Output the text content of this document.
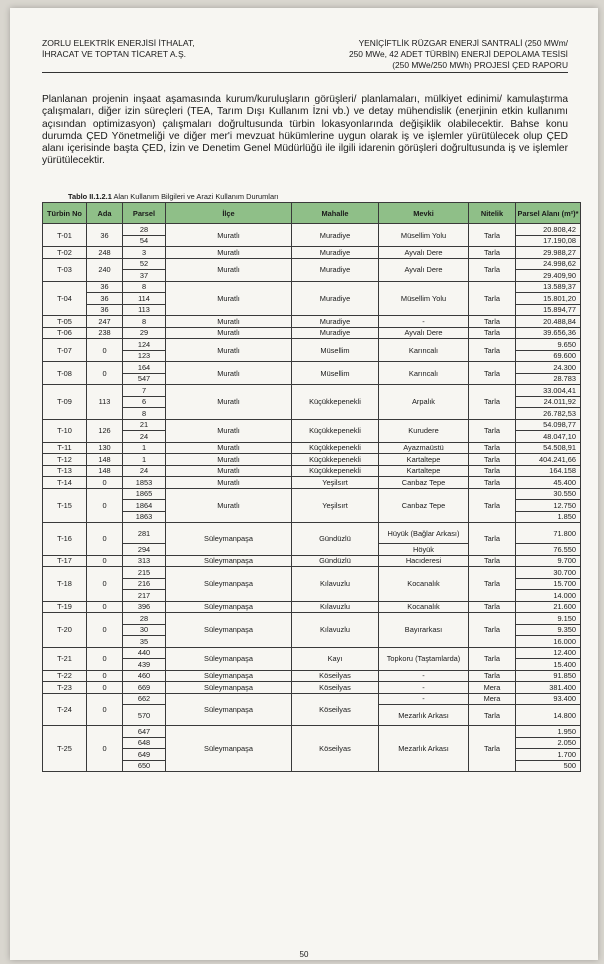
ZORLU ELEKTRİK ENERJİSİ İTHALAT,
İHRACAT VE TOPTAN TİCARET A.Ş.
YENİÇİFTLİK RÜZGAR ENERJİ SANTRALİ (250 MWm/
250 MWe, 42 ADET TÜRBİN) ENERJİ DEPOLAMA TESİSİ
(250 MWe/250 MWh) PROJESİ ÇED RAPORU

Planlanan projenin inşaat aşamasında kurum/kuruluşların görüşleri/ planlamaları, mülkiyet edinimi/ kamulaştırma çalışmaları, diğer izin süreçleri (TEA, Tarım Dışı Kullanım İzni vb.) ve detay mühendislik (enerjinin etkin kullanımı açısından optimizasyon) çalışmaları doğrultusunda türbin lokasyonlarında değişiklik olabilecektir. Bahse konu durumda ÇED Yönetmeliği ve diğer mer'i mevzuat hükümlerine uygun olarak iş ve işlemler yürütülecek olup ÇED alanı içerisinde başta ÇED, İzin ve Denetim Genel Müdürlüğü ile ilgili idarenin görüşleri doğrultusunda iş ve işlemler yürütülecektir.

Tablo II.1.2.1 Alan Kullanım Bilgileri ve Arazi Kullanım Durumları
Türbin No	Ada	Parsel	İlçe	Mahalle	Mevki	Nitelik	Parsel Alanı (m²)*
T-01	36	28	Muratlı	Muradiye	Müsellim Yolu	Tarla	20.808,42
		54					17.190,08
T-02	248	3	Muratlı	Muradiye	Ayvalı Dere	Tarla	29.988,27
T-03	240	52	Muratlı	Muradiye	Ayvalı Dere	Tarla	24.998,62
		37					29.409,90
T-04	36	8	Muratlı	Muradiye	Müsellim Yolu	Tarla	13.589,37
	36	114					15.801,20
	36	113					15.894,77
T-05	247	8	Muratlı	Muradiye	-	Tarla	20.488,84
T-06	238	29	Muratlı	Muradiye	Ayvalı Dere	Tarla	39.656,36
T-07	0	124	Muratlı	Müsellim	Karıncalı	Tarla	9.650
		123					69.600
T-08	0	164	Muratlı	Müsellim	Karıncalı	Tarla	24.300
		547					28.783
T-09	113	7	Muratlı	Küçükkepenekli	Arpalık	Tarla	33.004,41
		6					24.011,92
		8					26.782,53
T-10	126	21	Muratlı	Küçükkepenekli	Kurudere	Tarla	54.098,77
		24					48.047,10
T-11	130	1	Muratlı	Küçükkepenekli	Ayazmaüstü	Tarla	54.508,91
T-12	148	1	Muratlı	Küçükkepenekli	Kartaltepe	Tarla	404.241,66
T-13	148	24	Muratlı	Küçükkepenekli	Kartaltepe	Tarla	164.158
T-14	0	1853	Muratlı	Yeşilsırt	Canbaz Tepe	Tarla	45.400
T-15	0	1865	Muratlı	Yeşilsırt	Canbaz Tepe	Tarla	30.550
		1864					12.750
		1863					1.850
T-16	0	281	Süleymanpaşa	Gündüzlü	Hüyük (Bağlar Arkası)	Tarla	71.800
		294			Höyük		76.550
T-17	0	313	Süleymanpaşa	Gündüzlü	Hacıderesi	Tarla	9.700
T-18	0	215	Süleymanpaşa	Kılavuzlu	Kocanalık	Tarla	30.700
		216					15.700
		217					14.000
T-19	0	396	Süleymanpaşa	Kılavuzlu	Kocanalık	Tarla	21.600
T-20	0	28	Süleymanpaşa	Kılavuzlu	Bayırarkası	Tarla	9.150
		30					9.350
		35					16.000
T-21	0	440	Süleymanpaşa	Kayı	Topkoru (Taştamlarda)	Tarla	12.400
		439					15.400
T-22	0	460	Süleymanpaşa	Köseilyas	-	Tarla	91.850
T-23	0	669	Süleymanpaşa	Köseilyas	-	Mera	381.400
T-24	0	662	Süleymanpaşa	Köseilyas	-	Mera	93.400
		570			Mezarlık Arkası	Tarla	14.800
T-25	0	647	Süleymanpaşa	Köseilyas	Mezarlık Arkası	Tarla	1.950
		648					2.050
		649					1.700
		650					500
50
